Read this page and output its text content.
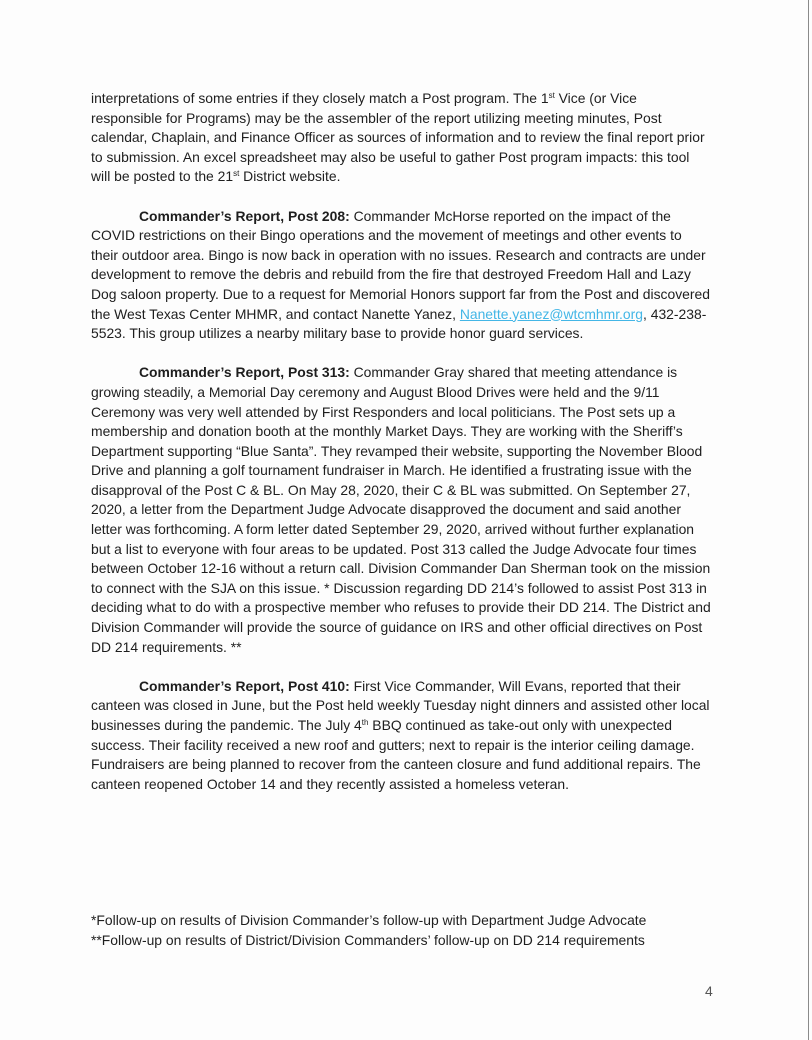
interpretations of some entries if they closely match a Post program. The 1st Vice (or Vice responsible for Programs) may be the assembler of the report utilizing meeting minutes, Post calendar, Chaplain, and Finance Officer as sources of information and to review the final report prior to submission. An excel spreadsheet may also be useful to gather Post program impacts: this tool will be posted to the 21st District website.

Commander’s Report, Post 208: Commander McHorse reported on the impact of the COVID restrictions on their Bingo operations and the movement of meetings and other events to their outdoor area. Bingo is now back in operation with no issues. Research and contracts are under development to remove the debris and rebuild from the fire that destroyed Freedom Hall and Lazy Dog saloon property. Due to a request for Memorial Honors support far from the Post and discovered the West Texas Center MHMR, and contact Nanette Yanez, Nanette.yanez@wtcmhmr.org, 432-238-5523. This group utilizes a nearby military base to provide honor guard services.

Commander’s Report, Post 313: Commander Gray shared that meeting attendance is growing steadily, a Memorial Day ceremony and August Blood Drives were held and the 9/11 Ceremony was very well attended by First Responders and local politicians. The Post sets up a membership and donation booth at the monthly Market Days. They are working with the Sheriff’s Department supporting “Blue Santa”. They revamped their website, supporting the November Blood Drive and planning a golf tournament fundraiser in March. He identified a frustrating issue with the disapproval of the Post C & BL. On May 28, 2020, their C & BL was submitted. On September 27, 2020, a letter from the Department Judge Advocate disapproved the document and said another letter was forthcoming. A form letter dated September 29, 2020, arrived without further explanation but a list to everyone with four areas to be updated. Post 313 called the Judge Advocate four times between October 12-16 without a return call. Division Commander Dan Sherman took on the mission to connect with the SJA on this issue. * Discussion regarding DD 214’s followed to assist Post 313 in deciding what to do with a prospective member who refuses to provide their DD 214. The District and Division Commander will provide the source of guidance on IRS and other official directives on Post DD 214 requirements. **

Commander’s Report, Post 410: First Vice Commander, Will Evans, reported that their canteen was closed in June, but the Post held weekly Tuesday night dinners and assisted other local businesses during the pandemic. The July 4th BBQ continued as take-out only with unexpected success. Their facility received a new roof and gutters; next to repair is the interior ceiling damage. Fundraisers are being planned to recover from the canteen closure and fund additional repairs. The canteen reopened October 14 and they recently assisted a homeless veteran.

*Follow-up on results of Division Commander’s follow-up with Department Judge Advocate

**Follow-up on results of District/Division Commanders’ follow-up on DD 214 requirements

4
